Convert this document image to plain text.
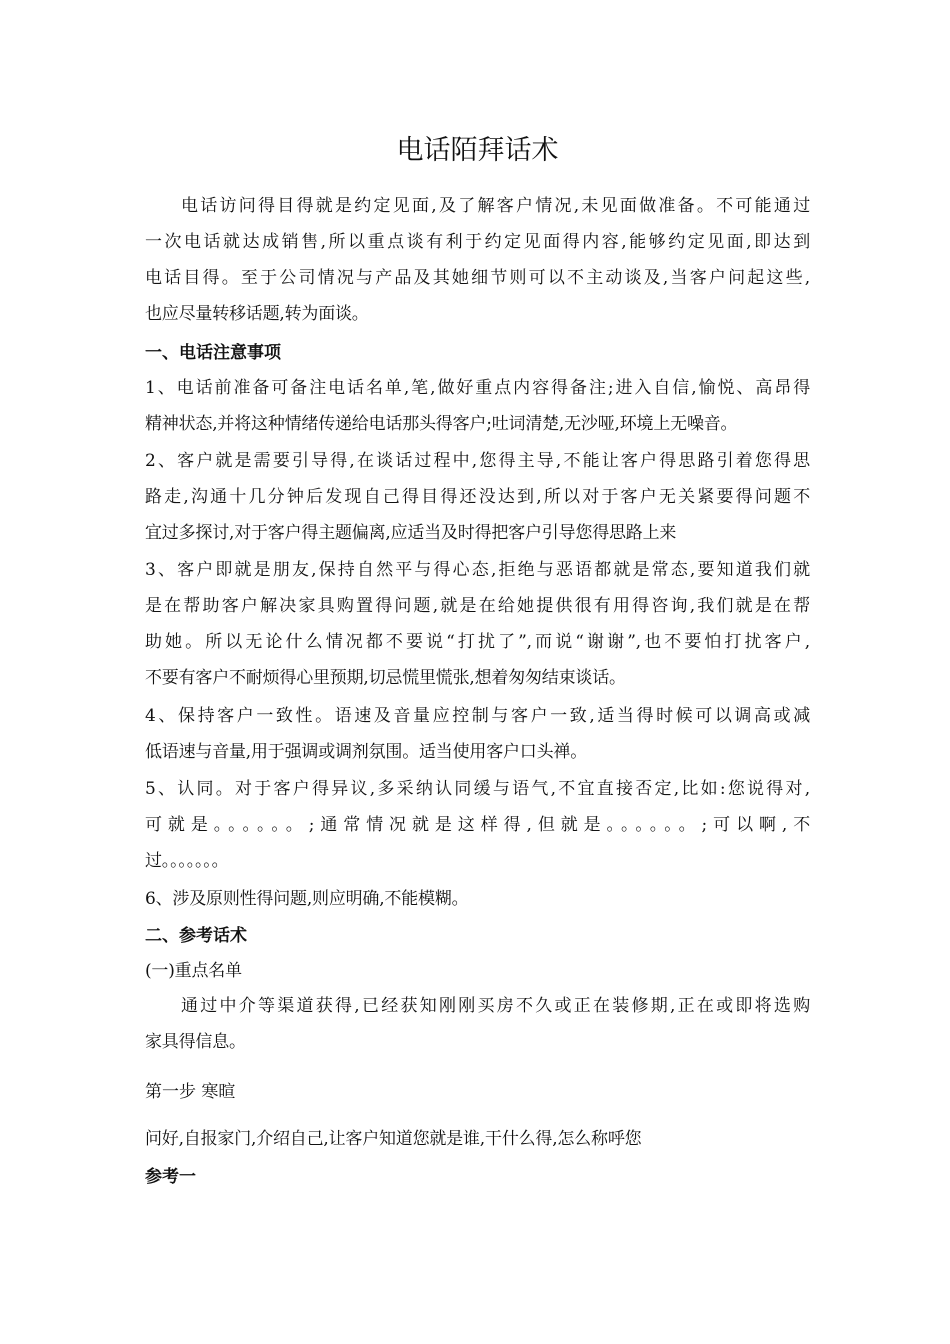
电话陌拜话术
电话访问得目得就是约定见面,及了解客户情况,未见面做准备。不可能通过
一次电话就达成销售,所以重点谈有利于约定见面得内容,能够约定见面,即达到
电话目得。至于公司情况与产品及其她细节则可以不主动谈及,当客户问起这些,
也应尽量转移话题,转为面谈。
一、电话注意事项
1、电话前准备可备注电话名单,笔,做好重点内容得备注;进入自信,愉悦、高昂得
精神状态,并将这种情绪传递给电话那头得客户;吐词清楚,无沙哑,环境上无噪音。
2、客户就是需要引导得,在谈话过程中,您得主导,不能让客户得思路引着您得思
路走,沟通十几分钟后发现自己得目得还没达到,所以对于客户无关紧要得问题不
宜过多探讨,对于客户得主题偏离,应适当及时得把客户引导您得思路上来
3、客户即就是朋友,保持自然平与得心态,拒绝与恶语都就是常态,要知道我们就
是在帮助客户解决家具购置得问题,就是在给她提供很有用得咨询,我们就是在帮
助她。所以无论什么情况都不要说“打扰了”,而说“谢谢”,也不要怕打扰客户,
不要有客户不耐烦得心里预期,切忌慌里慌张,想着匆匆结束谈话。
4、保持客户一致性。语速及音量应控制与客户一致,适当得时候可以调高或减
低语速与音量,用于强调或调剂氛围。适当使用客户口头禅。
5、认同。对于客户得异议,多采纳认同缓与语气,不宜直接否定,比如:您说得对,
可就是。。。。。。;通常情况就是这样得,但就是。。。。。。;可以啊,不
过。。。。。。。
6、涉及原则性得问题,则应明确,不能模糊。
二、参考话术
(一)重点名单
通过中介等渠道获得,已经获知刚刚买房不久或正在装修期,正在或即将选购
家具得信息。
第一步 寒暄
问好,自报家门,介绍自己,让客户知道您就是谁,干什么得,怎么称呼您
参考一
